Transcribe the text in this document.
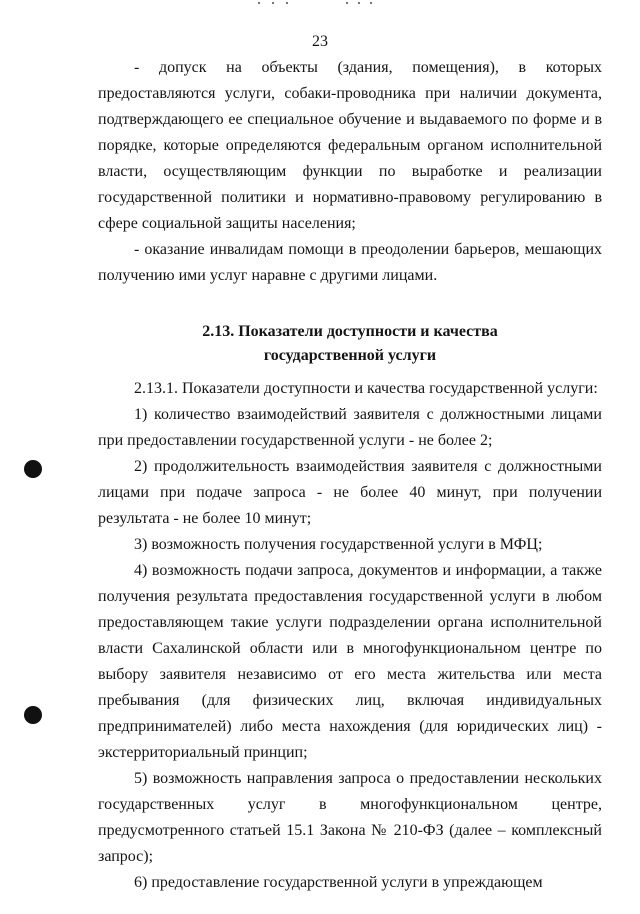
23

- допуск на объекты (здания, помещения), в которых предоставляются услуги, собаки-проводника при наличии документа, подтверждающего ее специальное обучение и выдаваемого по форме и в порядке, которые определяются федеральным органом исполнительной власти, осуществляющим функции по выработке и реализации государственной политики и нормативно-правовому регулированию в сфере социальной защиты населения;

- оказание инвалидам помощи в преодолении барьеров, мешающих получению ими услуг наравне с другими лицами.

2.13. Показатели доступности и качества
государственной услуги

2.13.1. Показатели доступности и качества государственной услуги:

1) количество взаимодействий заявителя с должностными лицами при предоставлении государственной услуги - не более 2;

2) продолжительность взаимодействия заявителя с должностными лицами при подаче запроса - не более 40 минут, при получении результата - не более 10 минут;

3) возможность получения государственной услуги в МФЦ;

4) возможность подачи запроса, документов и информации, а также получения результата предоставления государственной услуги в любом предоставляющем такие услуги подразделении органа исполнительной власти Сахалинской области или в многофункциональном центре по выбору заявителя независимо от его места жительства или места пребывания (для физических лиц, включая индивидуальных предпринимателей) либо места нахождения (для юридических лиц) - экстерриториальный принцип;

5) возможность направления запроса о предоставлении нескольких государственных услуг в многофункциональном центре, предусмотренного статьей 15.1 Закона № 210-ФЗ (далее – комплексный запрос);

6) предоставление государственной услуги в упреждающем
